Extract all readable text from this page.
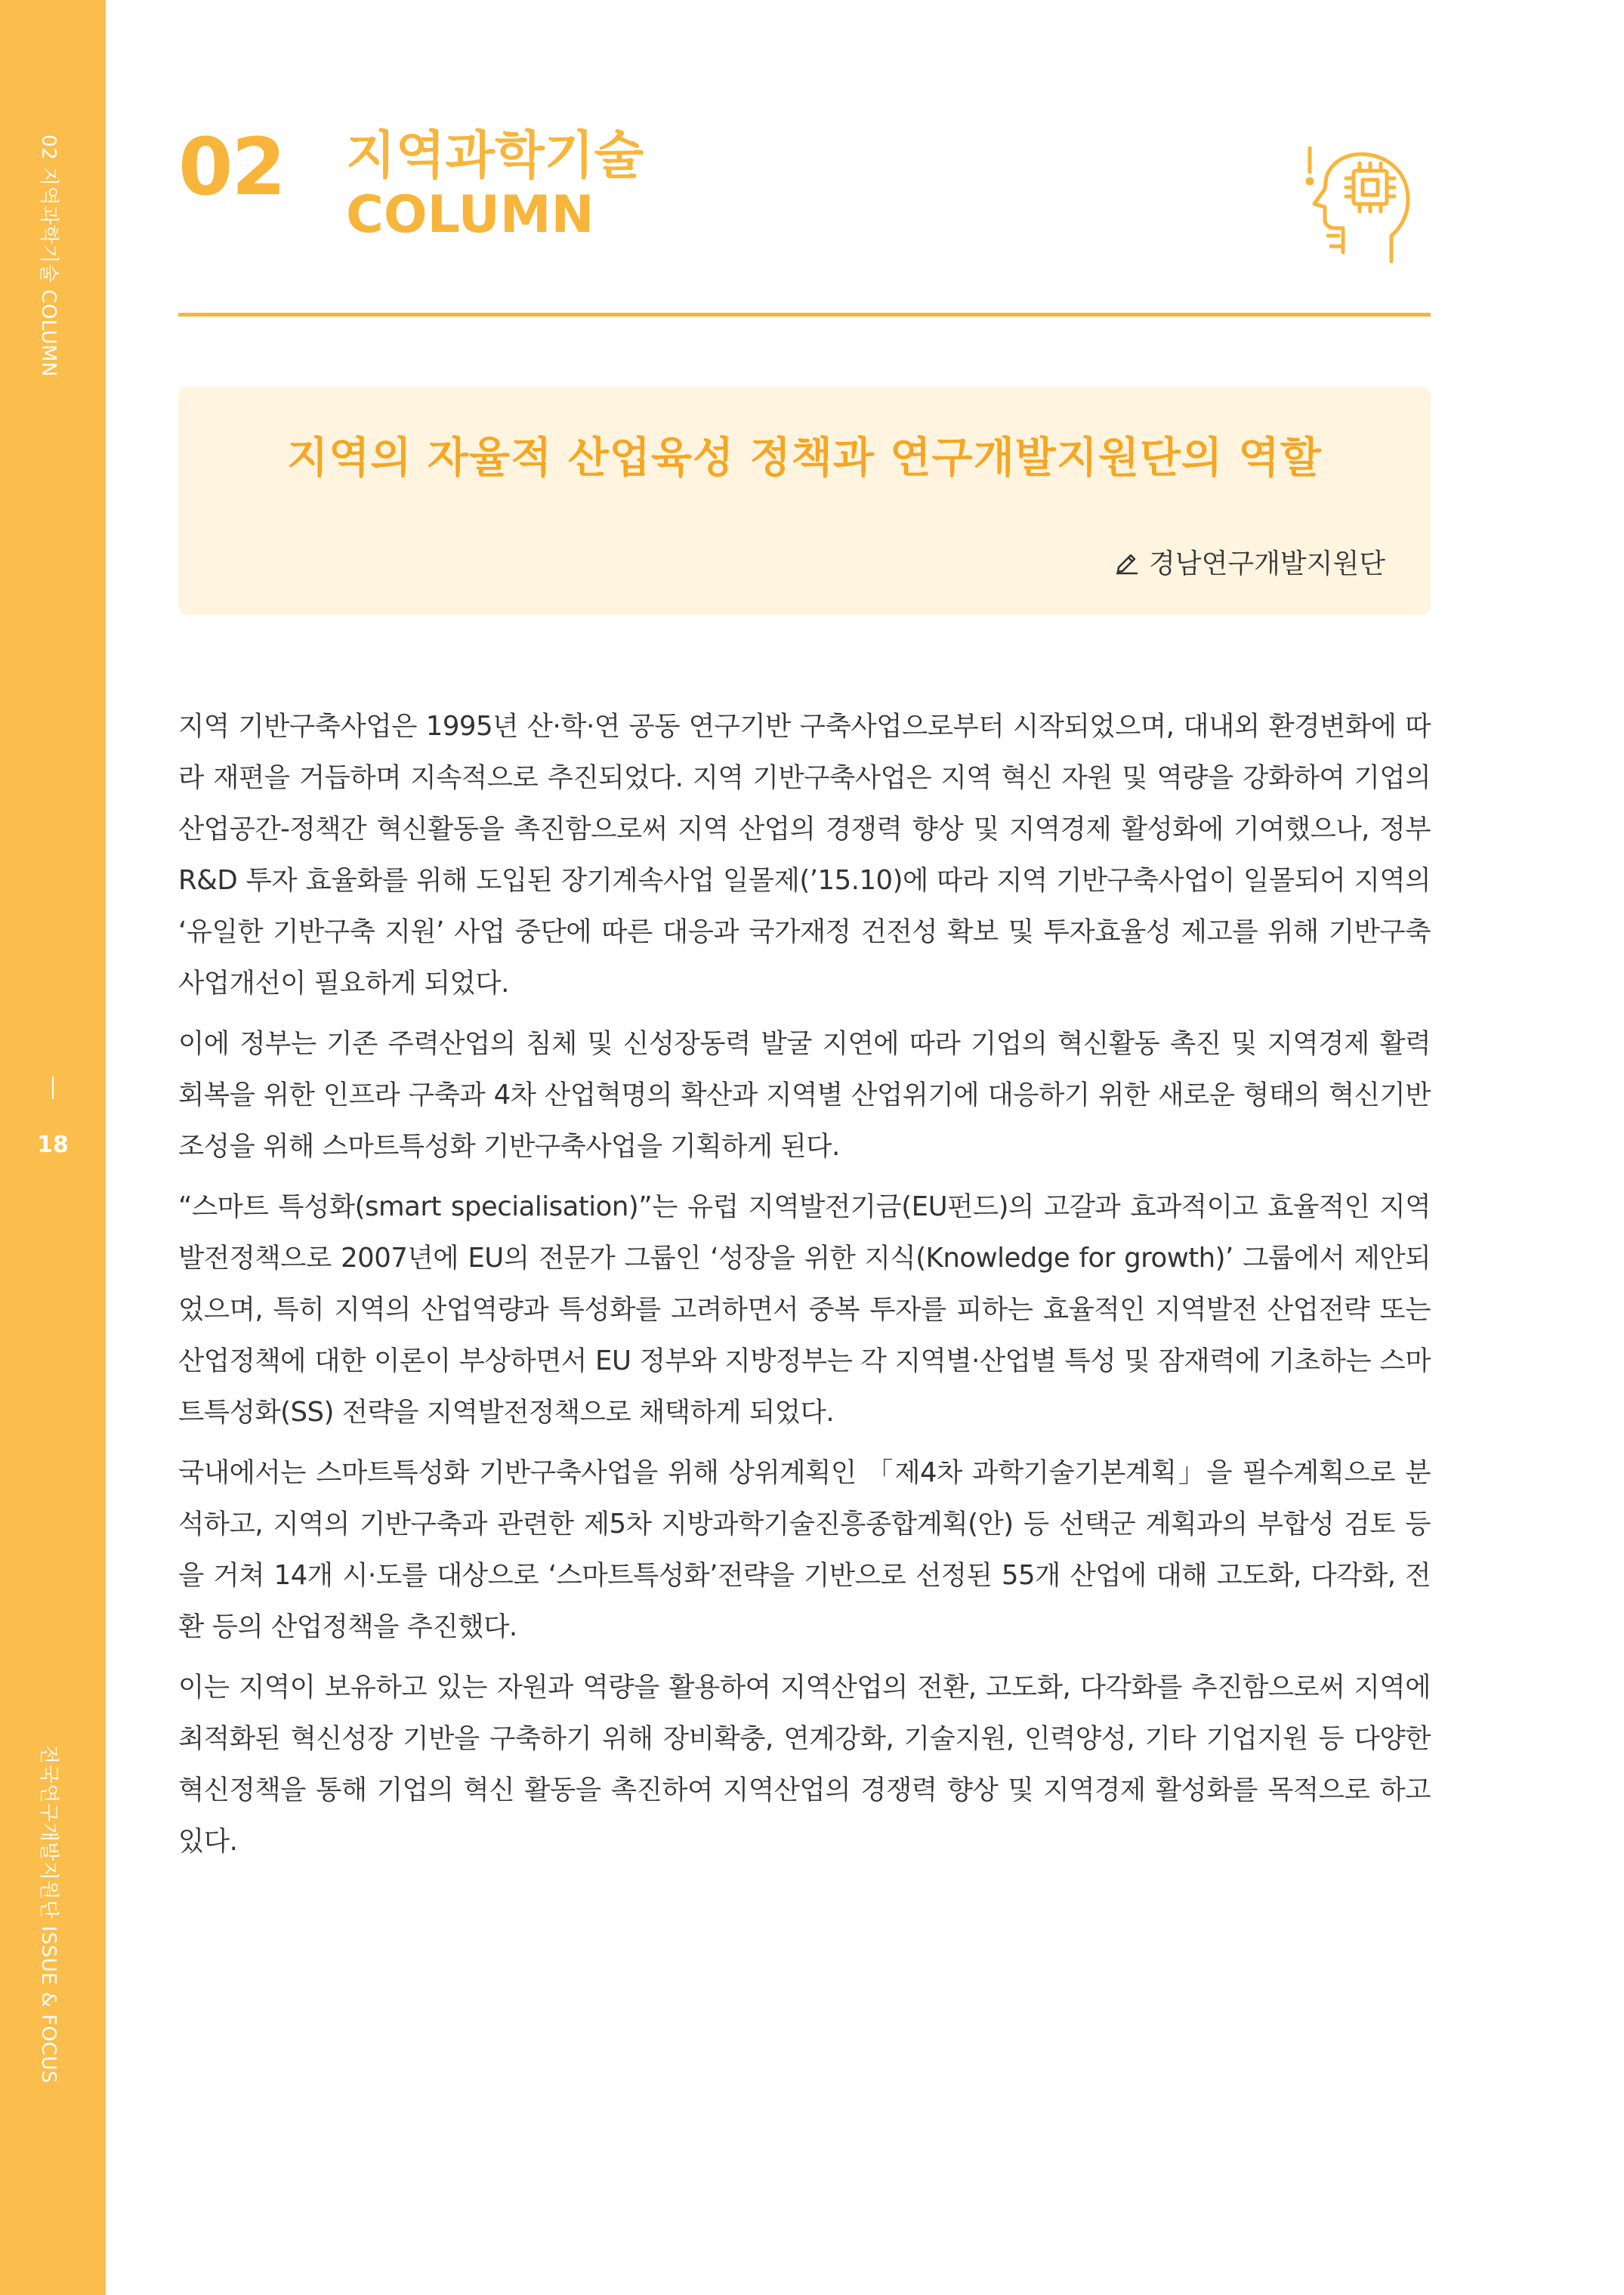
02 지역과학기술 COLUMN
18
전국연구개발지원단 ISSUE & FOCUS
02 지역과학기술
COLUMN
지역의 자율적 산업육성 정책과 연구개발지원단의 역할
경남연구개발지원단

지역 기반구축사업은 1995년 산·학·연 공동 연구기반 구축사업으로부터 시작되었으며, 대내외 환경변화에 따라 재편을 거듭하며 지속적으로 추진되었다. 지역 기반구축사업은 지역 혁신 자원 및 역량을 강화하여 기업의 산업공간-정책간 혁신활동을 촉진함으로써 지역 산업의 경쟁력 향상 및 지역경제 활성화에 기여했으나, 정부R&D 투자 효율화를 위해 도입된 장기계속사업 일몰제(’15.10)에 따라 지역 기반구축사업이 일몰되어 지역의 ‘유일한 기반구축 지원’ 사업 중단에 따른 대응과 국가재정 건전성 확보 및 투자효율성 제고를 위해 기반구축 사업개선이 필요하게 되었다.

이에 정부는 기존 주력산업의 침체 및 신성장동력 발굴 지연에 따라 기업의 혁신활동 촉진 및 지역경제 활력 회복을 위한 인프라 구축과 4차 산업혁명의 확산과 지역별 산업위기에 대응하기 위한 새로운 형태의 혁신기반 조성을 위해 스마트특성화 기반구축사업을 기획하게 된다.

“스마트 특성화(smart specialisation)”는 유럽 지역발전기금(EU펀드)의 고갈과 효과적이고 효율적인 지역발전정책으로 2007년에 EU의 전문가 그룹인 ‘성장을 위한 지식(Knowledge for growth)’ 그룹에서 제안되었으며, 특히 지역의 산업역량과 특성화를 고려하면서 중복 투자를 피하는 효율적인 지역발전 산업전략 또는 산업정책에 대한 이론이 부상하면서 EU 정부와 지방정부는 각 지역별·산업별 특성 및 잠재력에 기초하는 스마트특성화(SS) 전략을 지역발전정책으로 채택하게 되었다.

국내에서는 스마트특성화 기반구축사업을 위해 상위계획인 「제4차 과학기술기본계획」을 필수계획으로 분석하고, 지역의 기반구축과 관련한 제5차 지방과학기술진흥종합계획(안) 등 선택군 계획과의 부합성 검토 등을 거쳐 14개 시·도를 대상으로 ‘스마트특성화’전략을 기반으로 선정된 55개 산업에 대해 고도화, 다각화, 전환 등의 산업정책을 추진했다.

이는 지역이 보유하고 있는 자원과 역량을 활용하여 지역산업의 전환, 고도화, 다각화를 추진함으로써 지역에 최적화된 혁신성장 기반을 구축하기 위해 장비확충, 연계강화, 기술지원, 인력양성, 기타 기업지원 등 다양한 혁신정책을 통해 기업의 혁신 활동을 촉진하여 지역산업의 경쟁력 향상 및 지역경제 활성화를 목적으로 하고 있다.
